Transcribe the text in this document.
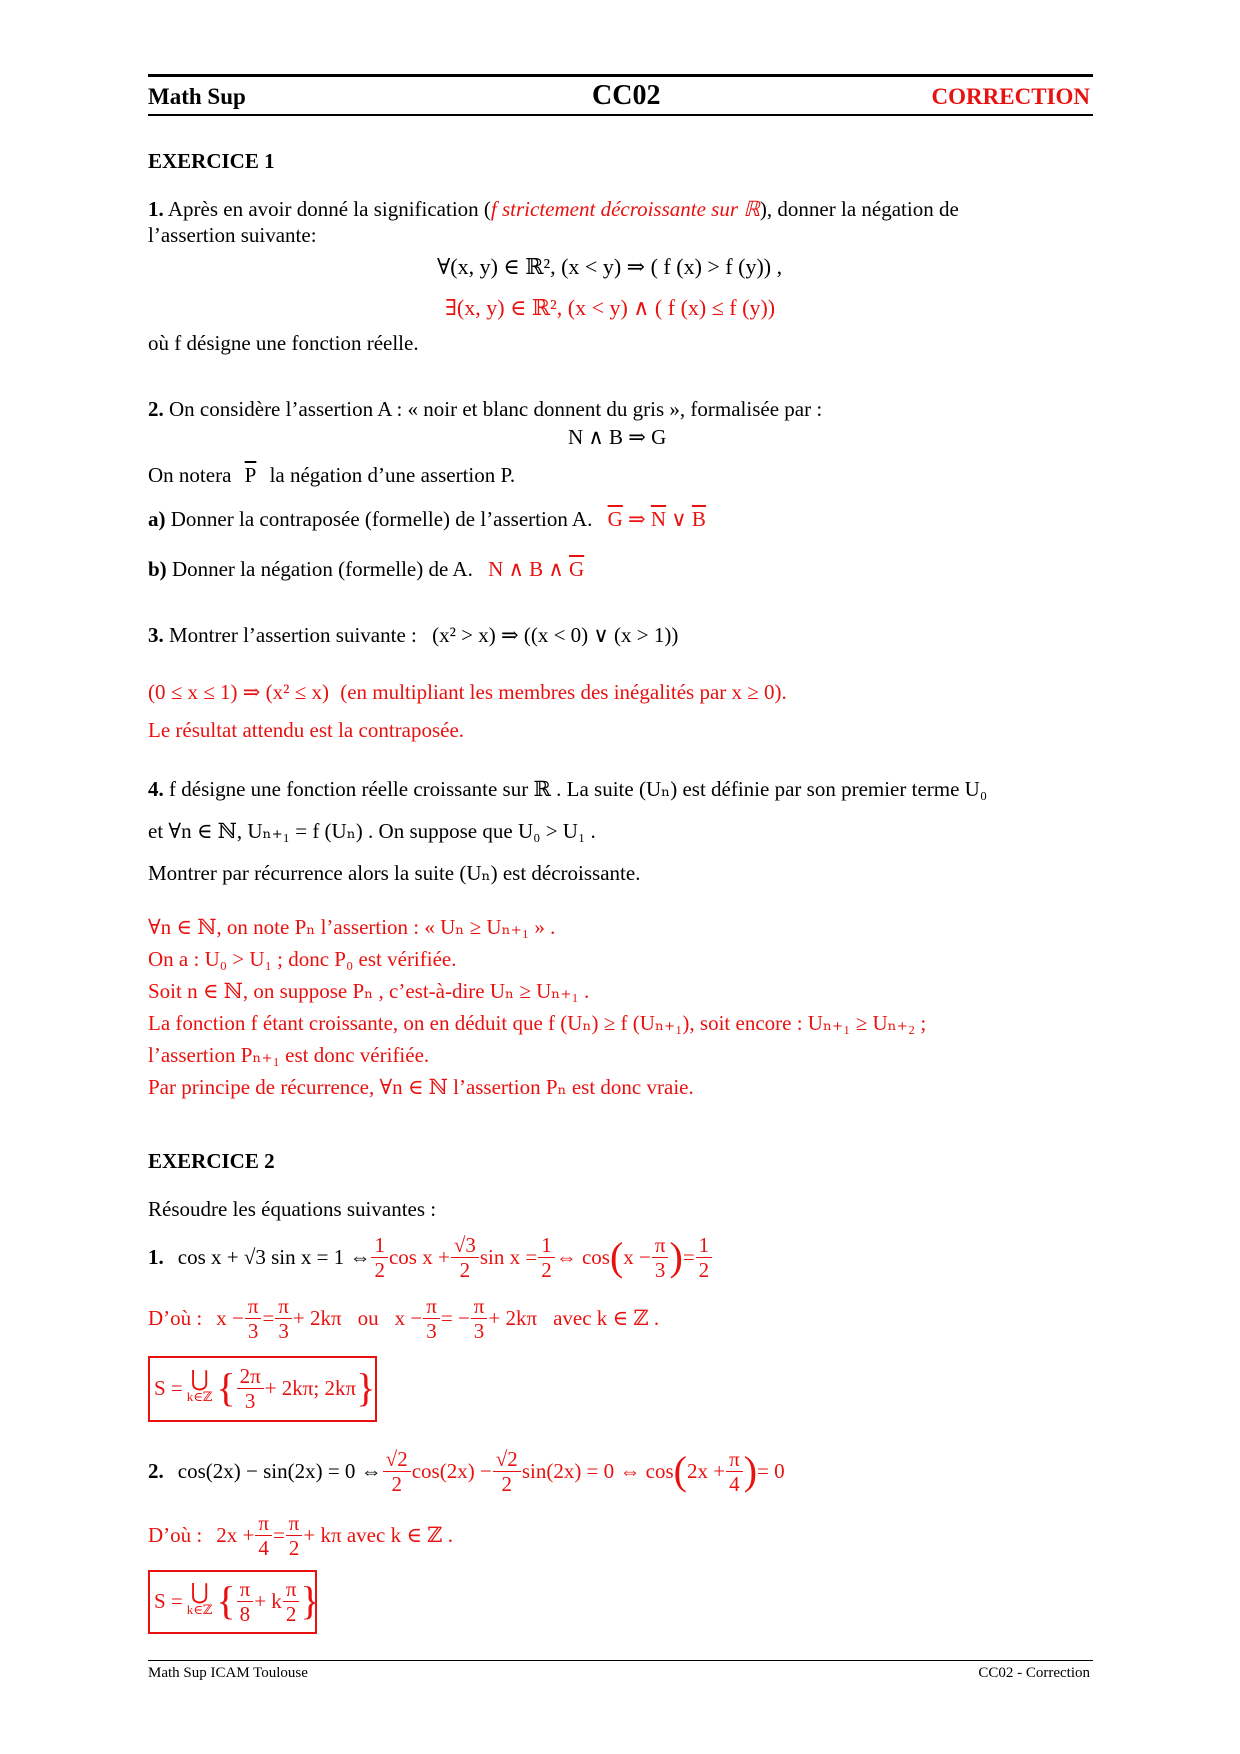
Math Sup	CC02	CORRECTION
EXERCICE 1
1. Après en avoir donné la signification (f strictement décroissante sur ℝ), donner la négation de
l’assertion suivante:
∀(x, y) ∈ ℝ², (x < y) ⇒ ( f (x) > f (y)) ,
∃(x, y) ∈ ℝ², (x < y) ∧ ( f (x) ≤ f (y))
où f désigne une fonction réelle.
2. On considère l’assertion A : « noir et blanc donnent du gris », formalisée par :
N ∧ B ⇒ G
On notera $\overline{P}$ la négation d’une assertion P.
a) Donner la contraposée (formelle) de l’assertion A. $\overline{G}$ ⇒ $\overline{N}$ ∨ $\overline{B}$
b) Donner la négation (formelle) de A. N ∧ B ∧ $\overline{G}$
3. Montrer l’assertion suivante : (x² > x) ⇒ ((x < 0) ∨ (x > 1))
(0 ≤ x ≤ 1) ⇒ (x² ≤ x) (en multipliant les membres des inégalités par x ≥ 0).
Le résultat attendu est la contraposée.
4. f désigne une fonction réelle croissante sur ℝ . La suite (Uₙ) est définie par son premier terme U₀
et ∀n ∈ ℕ, Uₙ₊₁ = f (Uₙ) . On suppose que U₀ > U₁ .
Montrer par récurrence alors la suite (Uₙ) est décroissante.
∀n ∈ ℕ, on note Pₙ l’assertion : « Uₙ ≥ Uₙ₊₁ » .
On a : U₀ > U₁ ; donc P₀ est vérifiée.
Soit n ∈ ℕ, on suppose Pₙ , c’est-à-dire Uₙ ≥ Uₙ₊₁ .
La fonction f étant croissante, on en déduit que f (Uₙ) ≥ f (Uₙ₊₁), soit encore : Uₙ₊₁ ≥ Uₙ₊₂ ;
l’assertion Pₙ₊₁ est donc vérifiée.
Par principe de récurrence, ∀n ∈ ℕ l’assertion Pₙ est donc vraie.
EXERCICE 2
Résoudre les équations suivantes :
1. cos x + √3 sin x = 1 ⇔ $\frac{1}{2}$ $\cos x + \frac{√3}{2}$ $\sin x = \frac{1}{2}$ ⇔ cos ( $x - \frac{\pi}{3}$ ) = $\frac{1}{2}$
D’où : $x - \frac{\pi}{3} = \frac{\pi}{3} + 2k\pi$ ou $x - \frac{\pi}{3}$ = − $\frac{\pi}{3} + 2k\pi$ avec k ∈ ℤ .
S = ⋃
k∈ℤ { $\frac{2\pi}{3} + 2k\pi$; 2kπ }
2. cos(2x) − sin(2x) = 0 ⇔ $\frac{√2}{2} \cos(2x) - \frac{√2}{2} \sin(2x) = 0$ ⇔ cos ( $2x + \frac{\pi}{4}$ ) = 0
D’où : $2x + \frac{\pi}{4} = \frac{\pi}{2} + k\pi$ avec k ∈ ℤ .
S = ⋃
k∈ℤ { $\frac{\pi}{8} + k \frac{\pi}{2}$ }
Math Sup ICAM Toulouse	CC02 - Correction
